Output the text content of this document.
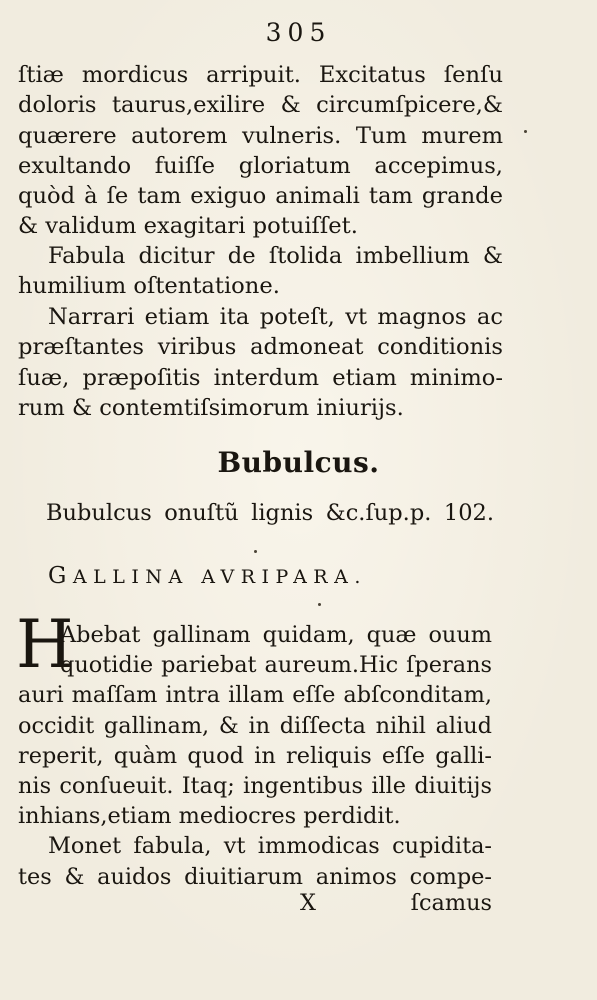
305
ſtiæ mordicus arripuit. Excitatus ſenſu
doloris taurus,exilire & circumſpicere,&
quærere autorem vulneris. Tum murem
exultando fuiſſe gloriatum accepimus,
quòd à ſe tam exiguo animali tam grande
& validum exagitari potuiſſet.
Fabula dicitur de ſtolida imbellium &
humilium oſtentatione.
Narrari etiam ita poteſt, vt magnos ac
præſtantes viribus admoneat conditionis
ſuæ, præpoſitis interdum etiam minimo-
rum & contemtiſsimorum iniurijs.
Bubulcus.
Bubulcus onuſtũ lignis &c.ſup.p. 102.
GALLINA AVRIPARA.
H
Abebat gallinam quidam, quæ ouum
quotidie pariebat aureum.Hic ſperans
auri maſſam intra illam eſſe abſconditam,
occidit gallinam, & in diſſecta nihil aliud
reperit, quàm quod in reliquis eſſe galli-
nis conſueuit. Itaq; ingentibus ille diuitijs
inhians,etiam mediocres perdidit.
Monet fabula, vt immodicas cupidita-
tes & auidos diuitiarum animos compe-
X	ſcamus
